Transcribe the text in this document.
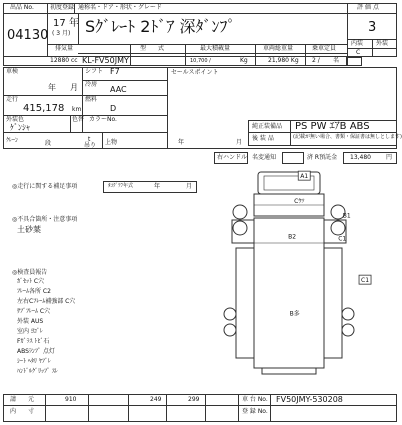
出品 No.
04130
初度登録 通称名・ドア・形状・グレード
17 年
( 3 月) Sｸﾞﾚｰﾄ 2ﾄﾞｱ 深ﾀﾞﾝﾌﾟ
評 価 点
3
内装 外装
C
排気量	型　　式	最大積載量	車両総重量	乗車定員
12880 cc KL-FV50JMY	10,700 /	Kg	21,980 Kg 2 / 名
車検
年 月
シフト F7
冷房
AAC
走行
415,178 km
燃料
D
外装色
ｹﾞﾝｼｬ
色替 カラーNo.
ｸﾚｰﾝ	段
t
吊り 上物	年	月
セールスポイント
純正装備品 PS PW ｴｱB ABS
後 装 品	(記載が無い場合、書類・保証書は無しとします)
右ハンドル 名変通知	済 R預託金 13,480	円
◎走行に関する補足事項	ﾀｺｸﾞﾗﾌ年式	年	月
◎不具合箇所・注意事項
土砂葉
◎検査員報告
ｶﾞｾｯﾄ C穴
ﾌﾚｰﾑ各所 C2
左右Cﾌﾚｰﾑ補強部 C穴
ｻﾌﾞﾌﾚｰﾑ C穴
外装 AUS
室内 ﾖｺﾞﾚ
Fｶﾞﾗｽ ﾄﾋﾞ石
ABSﾗﾝﾌﾟ 点灯
ｼｰﾄ ﾍﾀﾘ ﾔﾌﾞﾚ
ﾊﾝﾄﾞﾙｸﾞﾘｯﾌﾟ ｽﾚ
A1
Cｳﾂ
B1
B2	C1
C1
B多
請　　元	910	249	299
内　　寸
車 台 No. FV50JMY-530208
登 録 No.
